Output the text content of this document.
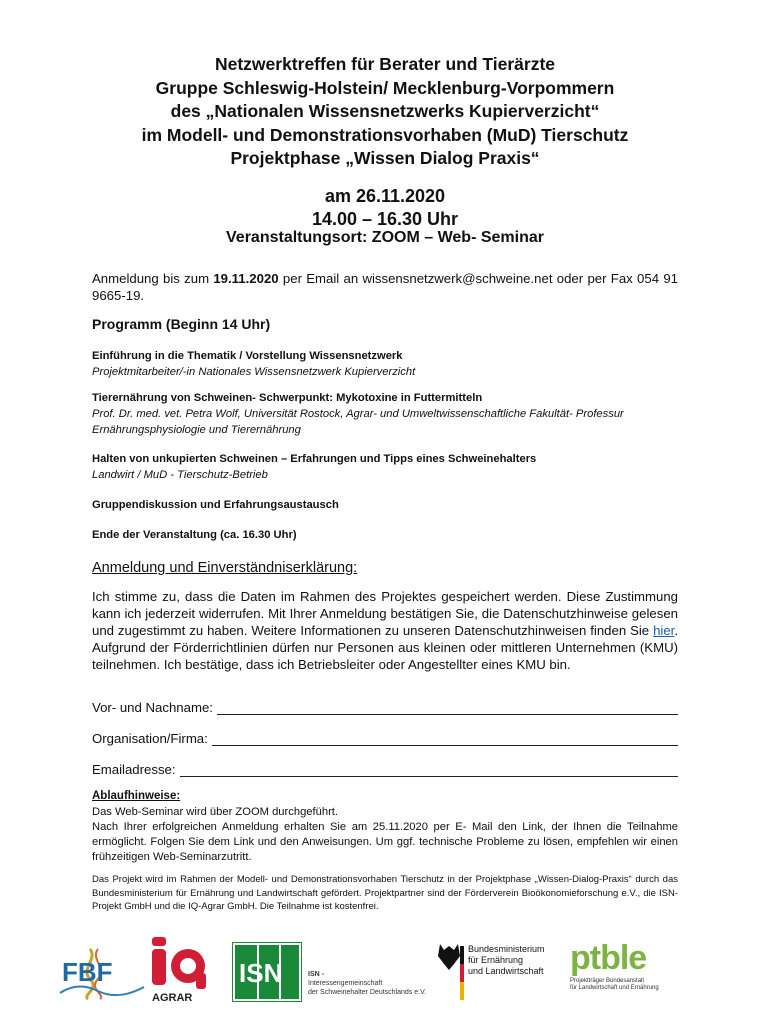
Netzwerktreffen für Berater und Tierärzte
Gruppe Schleswig-Holstein/ Mecklenburg-Vorpommern
des „Nationalen Wissensnetzwerks Kupierverzicht“
im Modell- und Demonstrationsvorhaben (MuD) Tierschutz
Projektphase „Wissen Dialog Praxis“
am 26.11.2020
14.00 – 16.30 Uhr
Veranstaltungsort: ZOOM – Web- Seminar
Anmeldung bis zum 19.11.2020 per Email an wissensnetzwerk@schweine.net oder per Fax 054 91 9665-19.
Programm (Beginn 14 Uhr)
Einführung in die Thematik / Vorstellung Wissensnetzwerk
Projektmitarbeiter/-in Nationales Wissensnetzwerk Kupierverzicht
Tierernährung von Schweinen- Schwerpunkt: Mykotoxine in Futtermitteln
Prof. Dr. med. vet. Petra Wolf, Universität Rostock, Agrar- und Umweltwissenschaftliche Fakultät- Professur Ernährungsphysiologie und Tierernährung
Halten von unkupierten Schweinen – Erfahrungen und Tipps eines Schweinehalters
Landwirt / MuD - Tierschutz-Betrieb
Gruppendiskussion und Erfahrungsaustausch
Ende der Veranstaltung (ca. 16.30 Uhr)
Anmeldung und Einverständniserklärung:
Ich stimme zu, dass die Daten im Rahmen des Projektes gespeichert werden. Diese Zustimmung kann ich jederzeit widerrufen. Mit Ihrer Anmeldung bestätigen Sie, die Datenschutzhinweise gelesen und zugestimmt zu haben. Weitere Informationen zu unseren Datenschutzhinweisen finden Sie hier. Aufgrund der Förderrichtlinien dürfen nur Personen aus kleinen oder mittleren Unternehmen (KMU) teilnehmen. Ich bestätige, dass ich Betriebsleiter oder Angestellter eines KMU bin.
Vor- und Nachname:
Organisation/Firma:
Emailadresse:
Ablaufhinweise:
Das Web-Seminar wird über ZOOM durchgeführt.
Nach Ihrer erfolgreichen Anmeldung erhalten Sie am 25.11.2020 per E- Mail den Link, der Ihnen die Teilnahme ermöglicht. Folgen Sie dem Link und den Anweisungen. Um ggf. technische Probleme zu lösen, empfehlen wir einen frühzeitigen Web-Seminarzutritt.
Das Projekt wird im Rahmen der Modell- und Demonstrationsvorhaben Tierschutz in der Projektphase „Wissen-Dialog-Praxis“ durch das Bundesministerium für Ernährung und Landwirtschaft gefördert. Projektpartner sind der Förderverein Bioökonomieforschung e.V., die ISN-Projekt GmbH und die IQ-Agrar GmbH. Die Teilnahme ist kostenfrei.
FBF
AGRAR
ISN	ISN -
Interessengemeinschaft
der Schweinehalter Deutschlands e.V.
Bundesministerium
für Ernährung
und Landwirtschaft ptble
Projektträger Bundesanstalt
für Landwirtschaft und Ernährung
